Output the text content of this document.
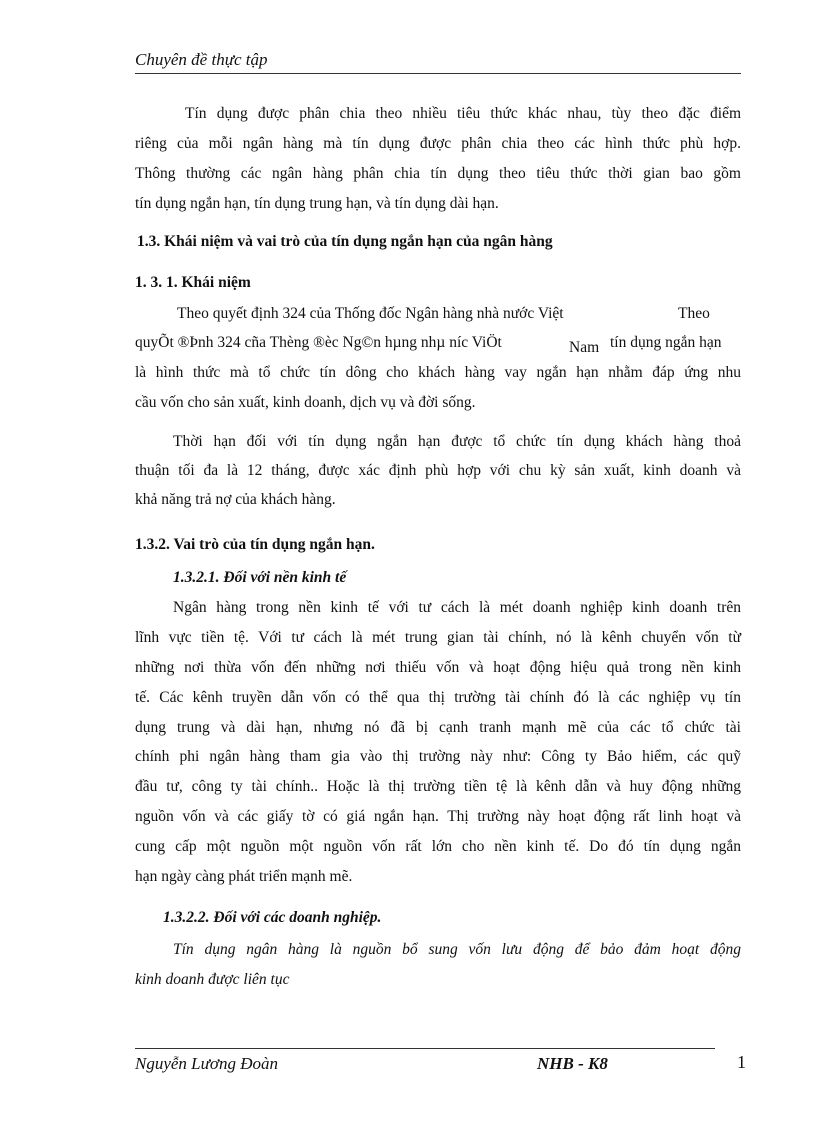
Chuyên đề thực tập
Tín dụng được phân chia theo nhiều tiêu thức khác nhau, tùy theo đặc điểm
riêng của mỗi ngân hàng mà tín dụng được phân chia theo các hình thức phù hợp.
Thông thường các ngân hàng phân chia tín dụng theo tiêu thức thời gian bao gồm
tín dụng ngắn hạn, tín dụng trung hạn, và tín dụng dài hạn.
1.3. Khái niệm và vai trò của tín dụng ngắn hạn của ngân hàng
1. 3. 1. Khái niệm
Theo quyết định 324 của Thống đốc Ngân hàng nhà nước Việt	Theo
quyÕt ®Þnh 324 cña Thèng ®èc Ng©n hµng nhµ níc ViÖt	Nam tín dụng ngắn hạn
là hình thức mà tổ chức tín dông cho khách hàng vay ngắn hạn nhằm đáp ứng nhu
cầu vốn cho sản xuất, kinh doanh, dịch vụ và đời sống.
Thời hạn đối với tín dụng ngắn hạn được tổ chức tín dụng khách hàng thoả
thuận tối đa là 12 tháng, được xác định phù hợp với chu kỳ sản xuất, kinh doanh và
khả năng trả nợ của khách hàng.
1.3.2. Vai trò của tín dụng ngắn hạn.
1.3.2.1. Đối với nền kinh tế
Ngân hàng trong nền kinh tế với tư cách là mét doanh nghiệp kinh doanh trên
lĩnh vực tiền tệ. Với tư cách là mét trung gian tài chính, nó là kênh chuyển vốn từ
những nơi thừa vốn đến những nơi thiếu vốn và hoạt động hiệu quả trong nền kinh
tế. Các kênh truyền dẫn vốn có thể qua thị trường tài chính đó là các nghiệp vụ tín
dụng trung và dài hạn, nhưng nó đã bị cạnh tranh mạnh mẽ của các tổ chức tài
chính phi ngân hàng tham gia vào thị trường này như: Công ty Bảo hiểm, các quỹ
đầu tư, công ty tài chính.. Hoặc là thị trường tiền tệ là kênh dẫn và huy động những
nguồn vốn và các giấy tờ có giá ngắn hạn. Thị trường này hoạt động rất linh hoạt và
cung cấp một nguồn một nguồn vốn rất lớn cho nền kinh tế. Do đó tín dụng ngắn
hạn ngày càng phát triển mạnh mẽ.
1.3.2.2. Đối với các doanh nghiệp.
Tín dụng ngân hàng là nguồn bổ sung vốn lưu động để bảo đảm hoạt động
kinh doanh được liên tục
Nguyễn Lương Đoàn	NHB - K8	1
